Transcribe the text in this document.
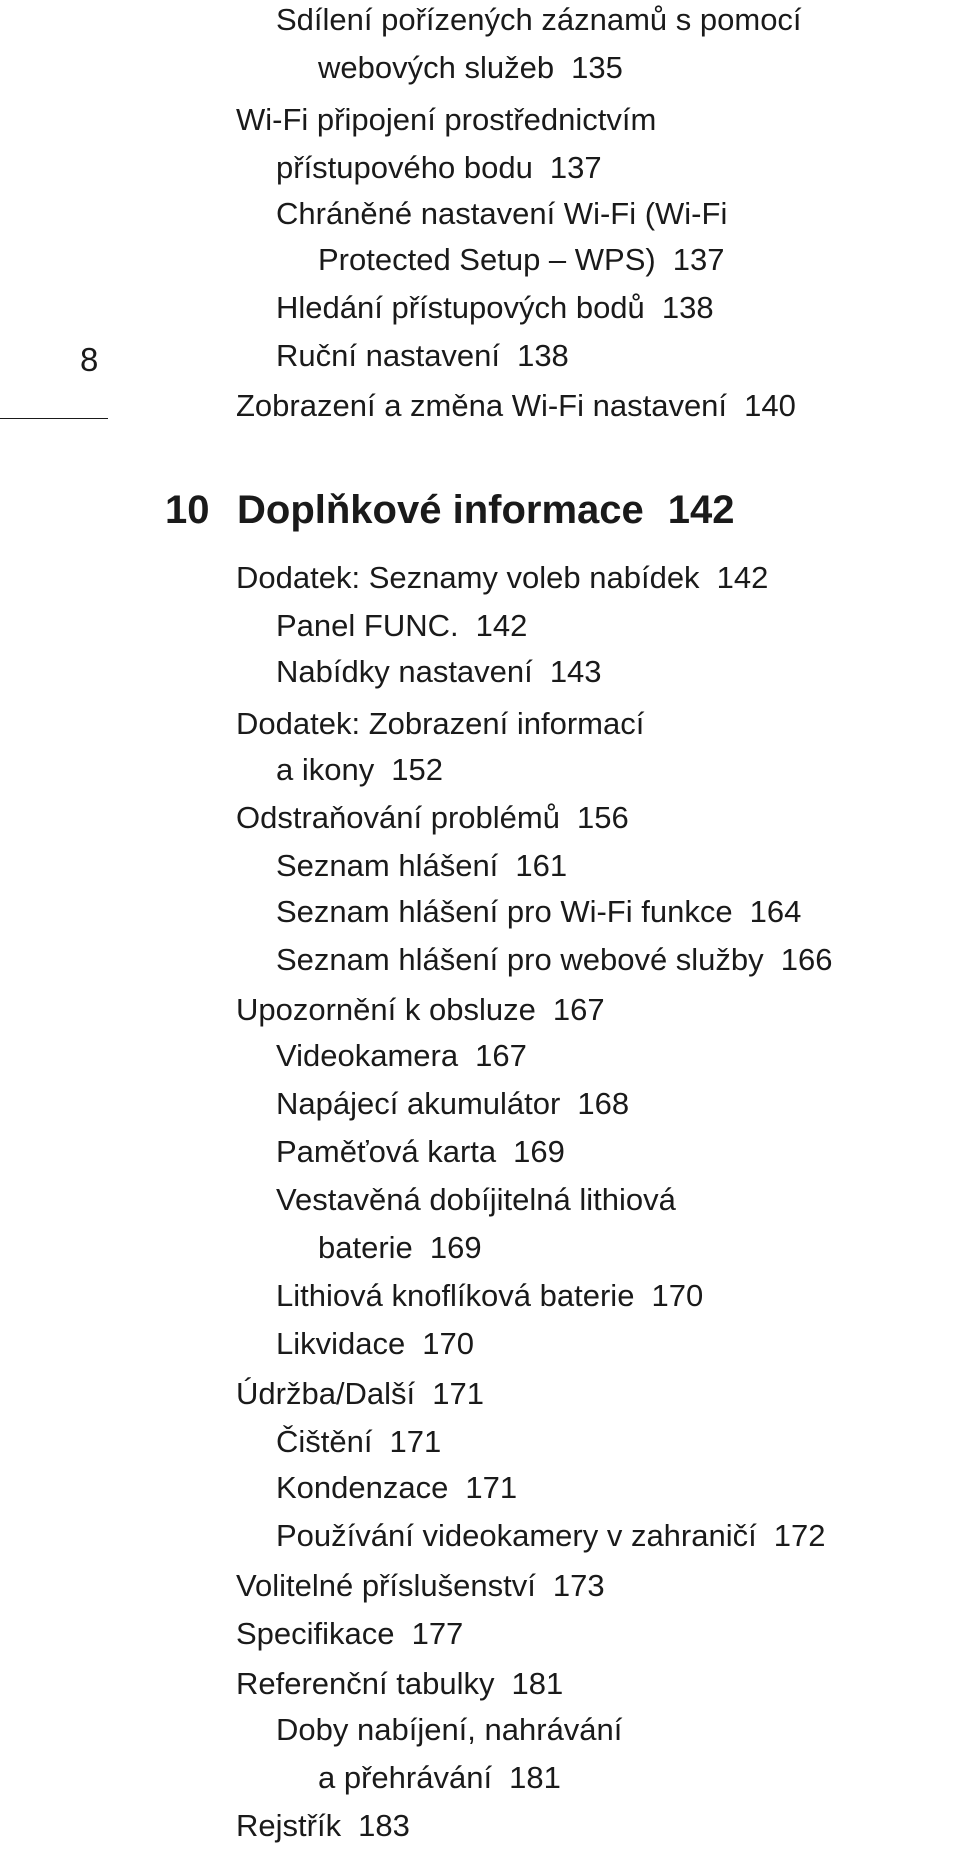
8
Sdílení pořízených záznamů s pomocí
webových služeb 135
Wi-Fi připojení prostřednictvím
přístupového bodu 137
Chráněné nastavení Wi-Fi (Wi-Fi
Protected Setup – WPS) 137
Hledání přístupových bodů 138
Ruční nastavení 138
Zobrazení a změna Wi-Fi nastavení 140
10 Doplňkové informace 142
Dodatek: Seznamy voleb nabídek 142
Panel FUNC. 142
Nabídky nastavení 143
Dodatek: Zobrazení informací
a ikony 152
Odstraňování problémů 156
Seznam hlášení 161
Seznam hlášení pro Wi-Fi funkce 164
Seznam hlášení pro webové služby 166
Upozornění k obsluze 167
Videokamera 167
Napájecí akumulátor 168
Paměťová karta 169
Vestavěná dobíjitelná lithiová
baterie 169
Lithiová knoflíková baterie 170
Likvidace 170
Údržba/Další 171
Čištění 171
Kondenzace 171
Používání videokamery v zahraničí 172
Volitelné příslušenství 173
Specifikace 177
Referenční tabulky 181
Doby nabíjení, nahrávání
a přehrávání 181
Rejstřík 183
